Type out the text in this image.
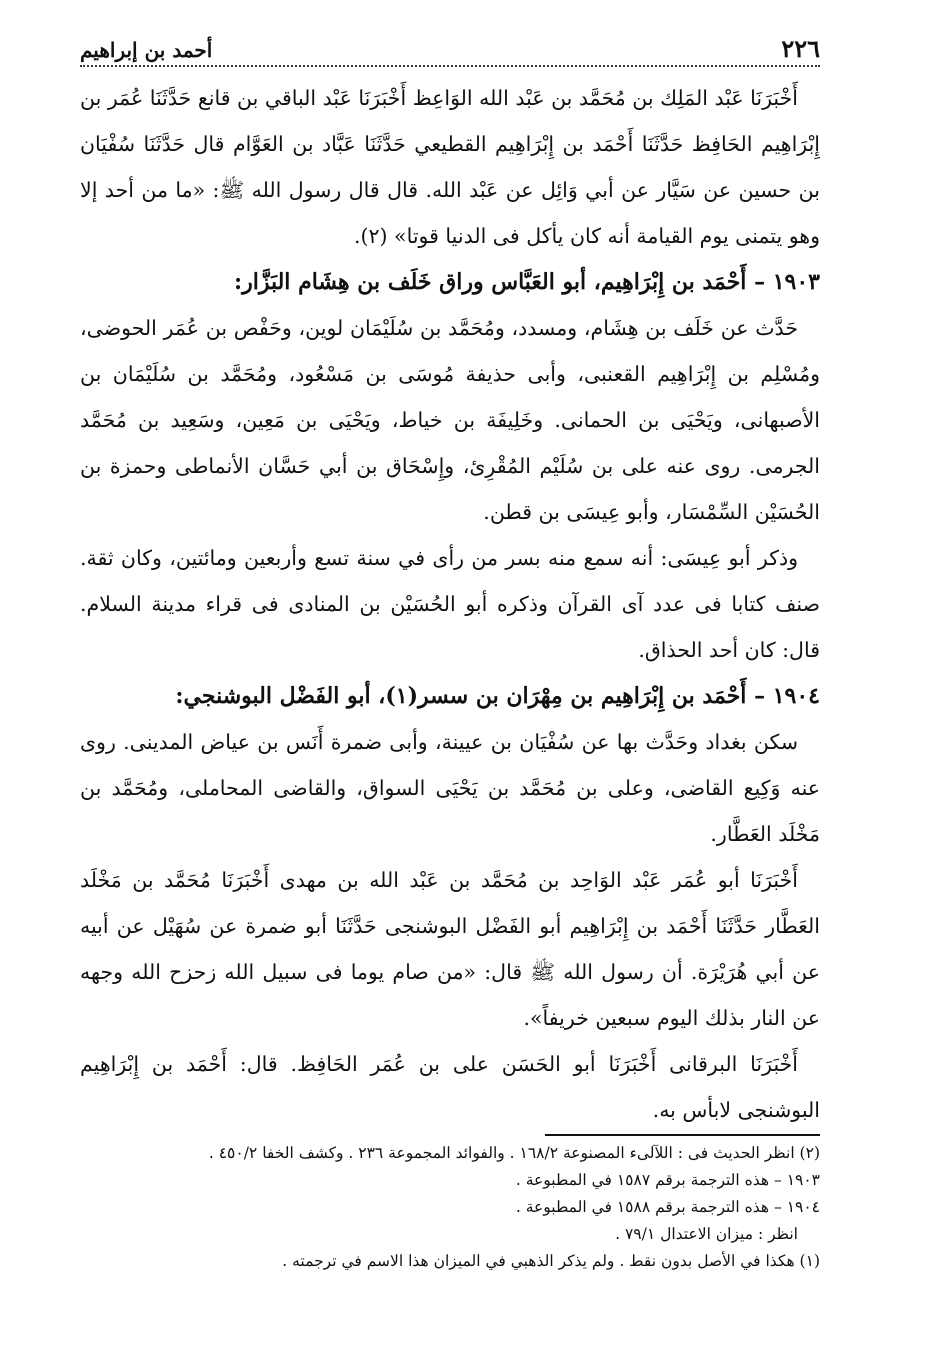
٢٢٦
أحمد بن إبراهيم

أَخْبَرَنَا عَبْد المَلِك بن مُحَمَّد بن عَبْد الله الوَاعِظ أَخْبَرَنَا عَبْد الباقي بن قانع حَدَّثَنَا عُمَر بن إِبْرَاهِيم الحَافِظ حَدَّثَنَا أَحْمَد بن إِبْرَاهِيم القطيعي حَدَّثَنَا عَبَّاد بن العَوَّام قال حَدَّثَنَا سُفْيَان بن حسين عن سَيَّار عن أبي وَائِل عن عَبْد الله. قال قال رسول الله ﷺ: «ما من أحد إلا وهو يتمنى يوم القيامة أنه كان يأكل فى الدنيا قوتا» (٢).

١٩٠٣ – أَحْمَد بن إِبْرَاهِيم، أبو العَبَّاس وراق خَلَف بن هِشَام البَزَّار:

حَدَّث عن خَلَف بن هِشَام، ومسدد، ومُحَمَّد بن سُلَيْمَان لوين، وحَفْص بن عُمَر الحوضى، ومُسْلِم بن إِبْرَاهِيم القعنبى، وأبى حذيفة مُوسَى بن مَسْعُود، ومُحَمَّد بن سُلَيْمَان بن الأصبهانى، ويَحْيَى بن الحمانى. وخَلِيفَة بن خياط، ويَحْيَى بن مَعِين، وسَعِيد بن مُحَمَّد الجرمى. روى عنه على بن سُلَيْم المُقْرِئ، وإِسْحَاق بن أبي حَسَّان الأنماطى وحمزة بن الحُسَيْن السِّمْسَار، وأبو عِيسَى بن قطن.

وذكر أبو عِيسَى: أنه سمع منه بسر من رأى في سنة تسع وأربعين ومائتين، وكان ثقة. صنف كتابا فى عدد آى القرآن وذكره أبو الحُسَيْن بن المنادى فى قراء مدينة السلام. قال: كان أحد الحذاق.

١٩٠٤ – أَحْمَد بن إِبْرَاهِيم بن مِهْرَان بن سسر(١)، أبو الفَضْل البوشنجي:

سكن بغداد وحَدَّث بها عن سُفْيَان بن عيينة، وأبى ضمرة أَنَس بن عياض المدينى. روى عنه وَكِيع القاضى، وعلى بن مُحَمَّد بن يَحْيَى السواق، والقاضى المحاملى، ومُحَمَّد بن مَخْلَد العَطَّار.

أَخْبَرَنَا أبو عُمَر عَبْد الوَاحِد بن مُحَمَّد بن عَبْد الله بن مهدى أَخْبَرَنَا مُحَمَّد بن مَخْلَد العَطَّار حَدَّثَنَا أَحْمَد بن إِبْرَاهِيم أبو الفَضْل البوشنجى حَدَّثَنَا أبو ضمرة عن سُهَيْل عن أبيه عن أبي هُرَيْرَة. أن رسول الله ﷺ قال: «من صام يوما فى سبيل الله زحزح الله وجهه عن النار بذلك اليوم سبعين خريفاً».

أَخْبَرَنَا البرقانى أَخْبَرَنَا أبو الحَسَن على بن عُمَر الحَافِظ. قال: أَحْمَد بن إِبْرَاهِيم البوشنجى لابأس به.

(٢) انظر الحديث فى : اللآلىء المصنوعة ١٦٨/٢ . والفوائد المجموعة ٢٣٦ . وكشف الخفا ٤٥٠/٢ .

١٩٠٣ – هذه الترجمة برقم ١٥٨٧ في المطبوعة .

١٩٠٤ – هذه الترجمة برقم ١٥٨٨ في المطبوعة .

انظر : ميزان الاعتدال ٧٩/١ .

(١) هكذا في الأصل بدون نقط . ولم يذكر الذهبي في الميزان هذا الاسم في ترجمته .
